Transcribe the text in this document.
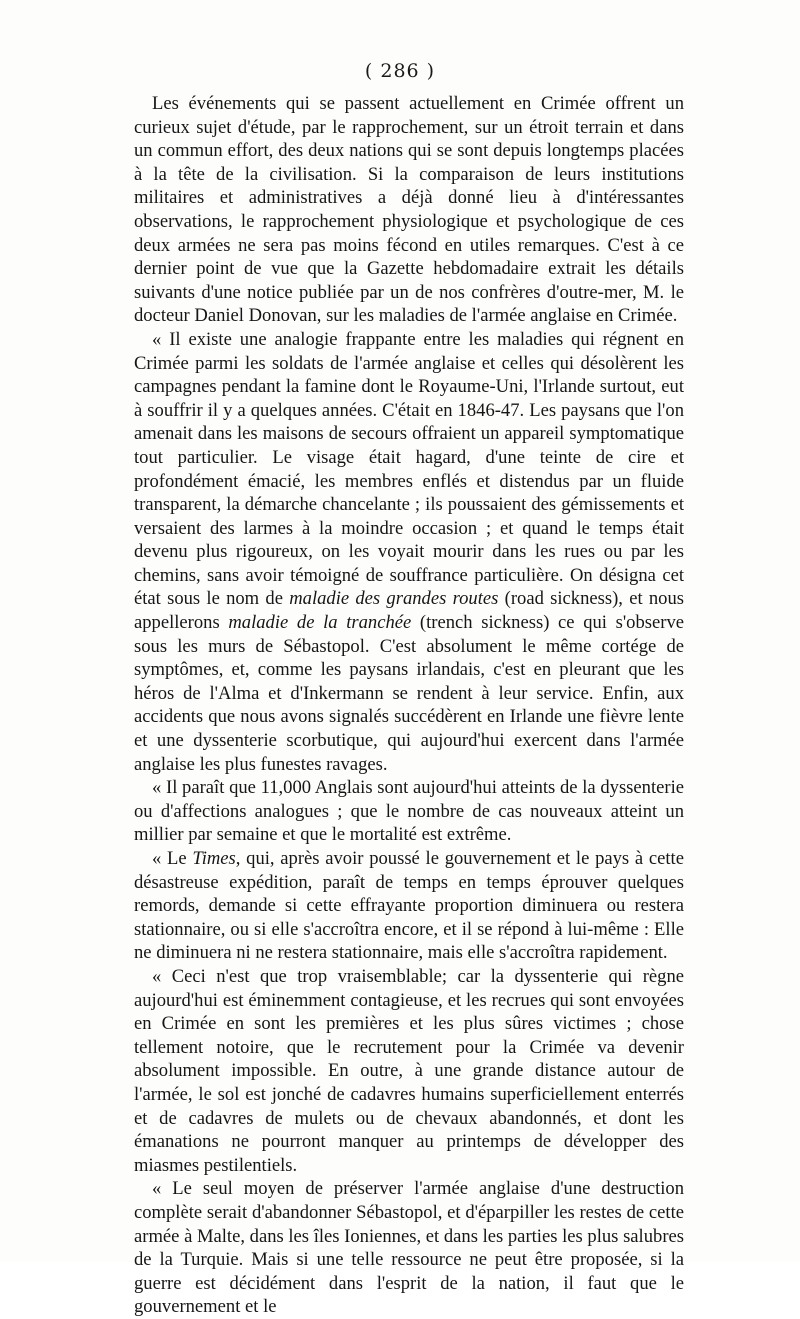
( 286 )

Les événements qui se passent actuellement en Crimée offrent un curieux sujet d'étude, par le rapprochement, sur un étroit terrain et dans un commun effort, des deux nations qui se sont depuis longtemps placées à la tête de la civilisation. Si la comparaison de leurs institutions militaires et administratives a déjà donné lieu à d'intéressantes observations, le rapprochement physiologique et psychologique de ces deux armées ne sera pas moins fécond en utiles remarques. C'est à ce dernier point de vue que la Gazette hebdomadaire extrait les détails suivants d'une notice publiée par un de nos confrères d'outre-mer, M. le docteur Daniel Donovan, sur les maladies de l'armée anglaise en Crimée.

« Il existe une analogie frappante entre les maladies qui régnent en Crimée parmi les soldats de l'armée anglaise et celles qui désolèrent les campagnes pendant la famine dont le Royaume-Uni, l'Irlande surtout, eut à souffrir il y a quelques années. C'était en 1846-47. Les paysans que l'on amenait dans les maisons de secours offraient un appareil symptomatique tout particulier. Le visage était hagard, d'une teinte de cire et profondément émacié, les membres enflés et distendus par un fluide transparent, la démarche chancelante ; ils poussaient des gémissements et versaient des larmes à la moindre occasion ; et quand le temps était devenu plus rigoureux, on les voyait mourir dans les rues ou par les chemins, sans avoir témoigné de souffrance particulière. On désigna cet état sous le nom de maladie des grandes routes (road sickness), et nous appellerons maladie de la tranchée (trench sickness) ce qui s'observe sous les murs de Sébastopol. C'est absolument le même cortége de symptômes, et, comme les paysans irlandais, c'est en pleurant que les héros de l'Alma et d'Inkermann se rendent à leur service. Enfin, aux accidents que nous avons signalés succédèrent en Irlande une fièvre lente et une dyssenterie scorbutique, qui aujourd'hui exercent dans l'armée anglaise les plus funestes ravages.

« Il paraît que 11,000 Anglais sont aujourd'hui atteints de la dyssenterie ou d'affections analogues ; que le nombre de cas nouveaux atteint un millier par semaine et que le mortalité est extrême.

« Le Times, qui, après avoir poussé le gouvernement et le pays à cette désastreuse expédition, paraît de temps en temps éprouver quelques remords, demande si cette effrayante proportion diminuera ou restera stationnaire, ou si elle s'accroîtra encore, et il se répond à lui-même : Elle ne diminuera ni ne restera stationnaire, mais elle s'accroîtra rapidement.

« Ceci n'est que trop vraisemblable; car la dyssenterie qui règne aujourd'hui est éminemment contagieuse, et les recrues qui sont envoyées en Crimée en sont les premières et les plus sûres victimes ; chose tellement notoire, que le recrutement pour la Crimée va devenir absolument impossible. En outre, à une grande distance autour de l'armée, le sol est jonché de cadavres humains superficiellement enterrés et de cadavres de mulets ou de chevaux abandonnés, et dont les émanations ne pourront manquer au printemps de développer des miasmes pestilentiels.

« Le seul moyen de préserver l'armée anglaise d'une destruction complète serait d'abandonner Sébastopol, et d'éparpiller les restes de cette armée à Malte, dans les îles Ioniennes, et dans les parties les plus salubres de la Turquie. Mais si une telle ressource ne peut être proposée, si la guerre est décidément dans l'esprit de la nation, il faut que le gouvernement et le
